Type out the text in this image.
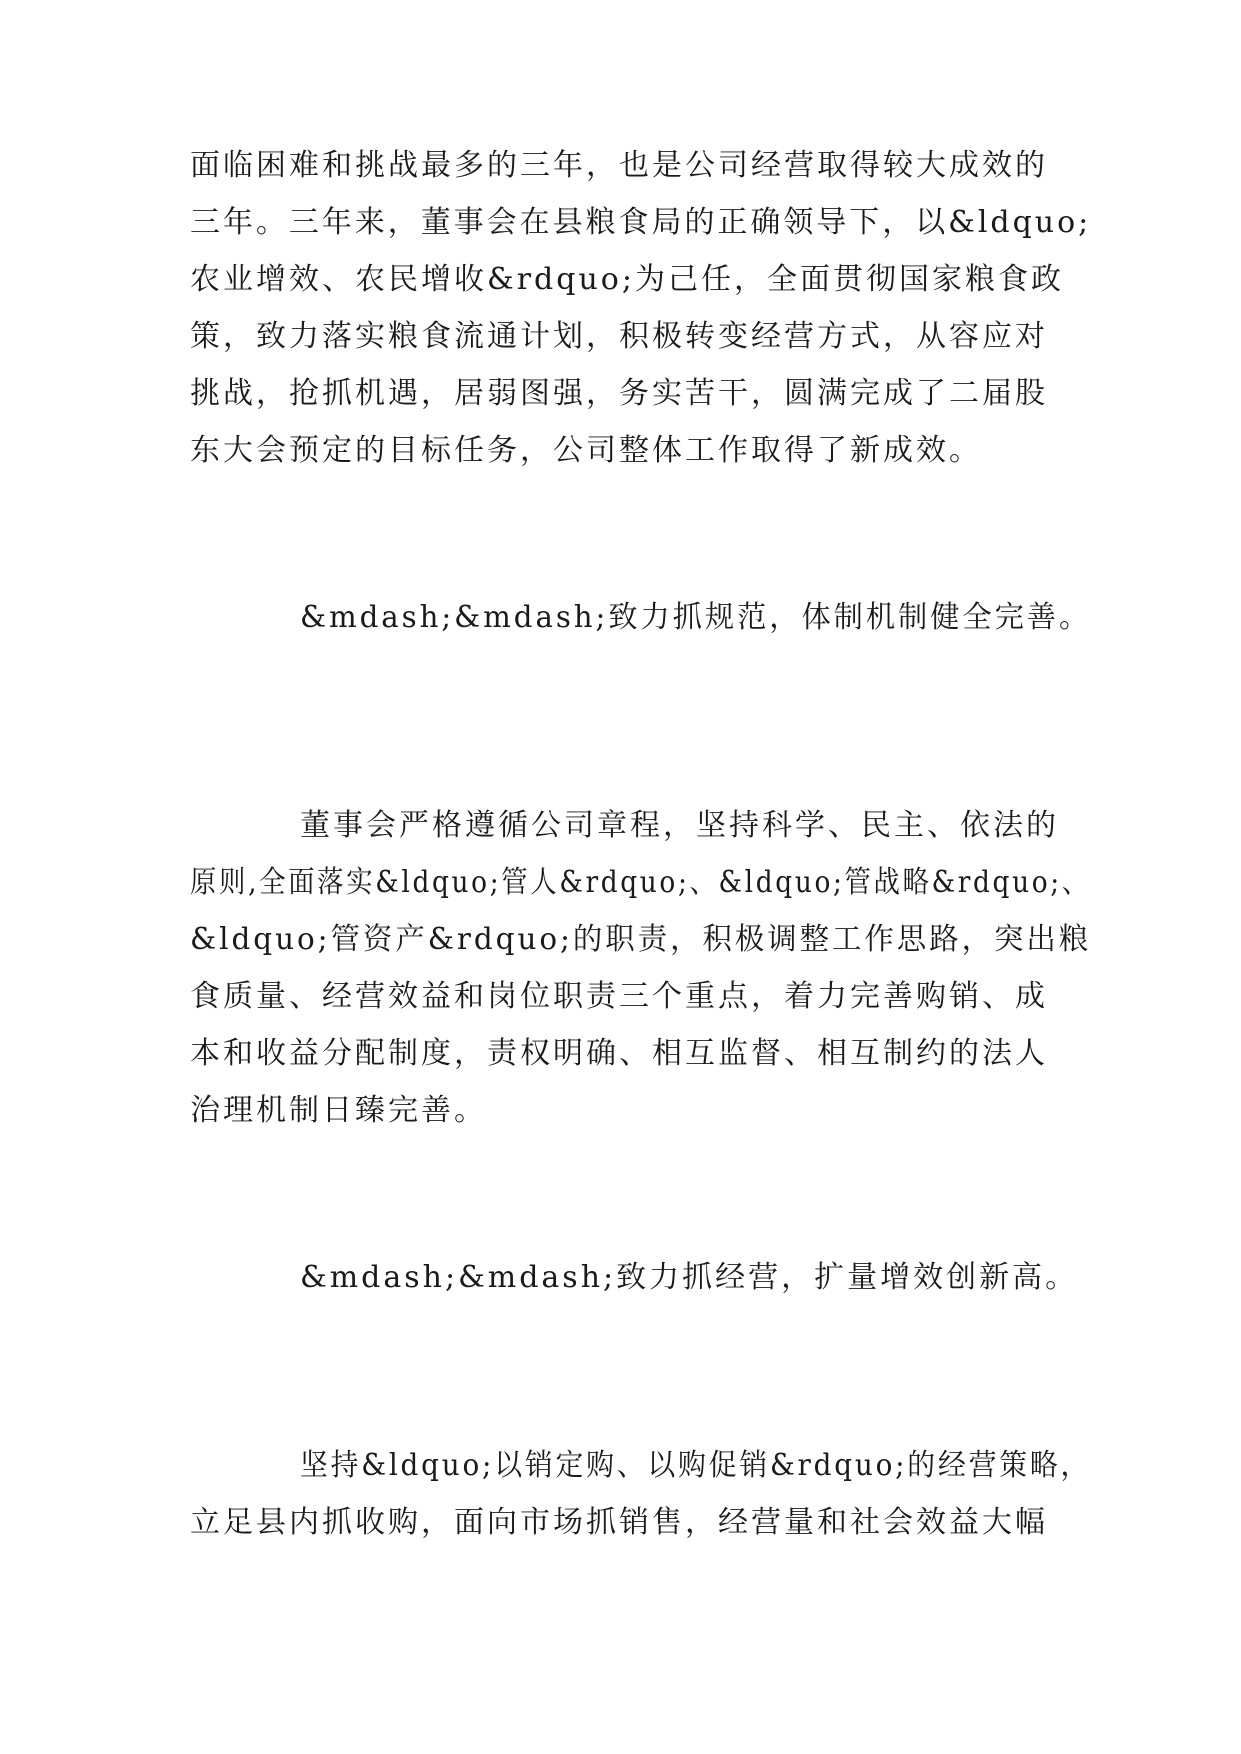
面临困难和挑战最多的三年，也是公司经营取得较大成效的
三年。三年来，董事会在县粮食局的正确领导下，以&ldquo;
农业增效、农民增收&rdquo;为己任，全面贯彻国家粮食政
策，致力落实粮食流通计划，积极转变经营方式，从容应对
挑战，抢抓机遇，居弱图强，务实苦干，圆满完成了二届股
东大会预定的目标任务，公司整体工作取得了新成效。
&mdash;&mdash;致力抓规范，体制机制健全完善。
董事会严格遵循公司章程，坚持科学、民主、依法的
原则,全面落实&ldquo;管人&rdquo;、&ldquo;管战略&rdquo;、
&ldquo;管资产&rdquo;的职责，积极调整工作思路，突出粮
食质量、经营效益和岗位职责三个重点，着力完善购销、成
本和收益分配制度，责权明确、相互监督、相互制约的法人
治理机制日臻完善。
&mdash;&mdash;致力抓经营，扩量增效创新高。
坚持&ldquo;以销定购、以购促销&rdquo;的经营策略，
立足县内抓收购，面向市场抓销售，经营量和社会效益大幅
